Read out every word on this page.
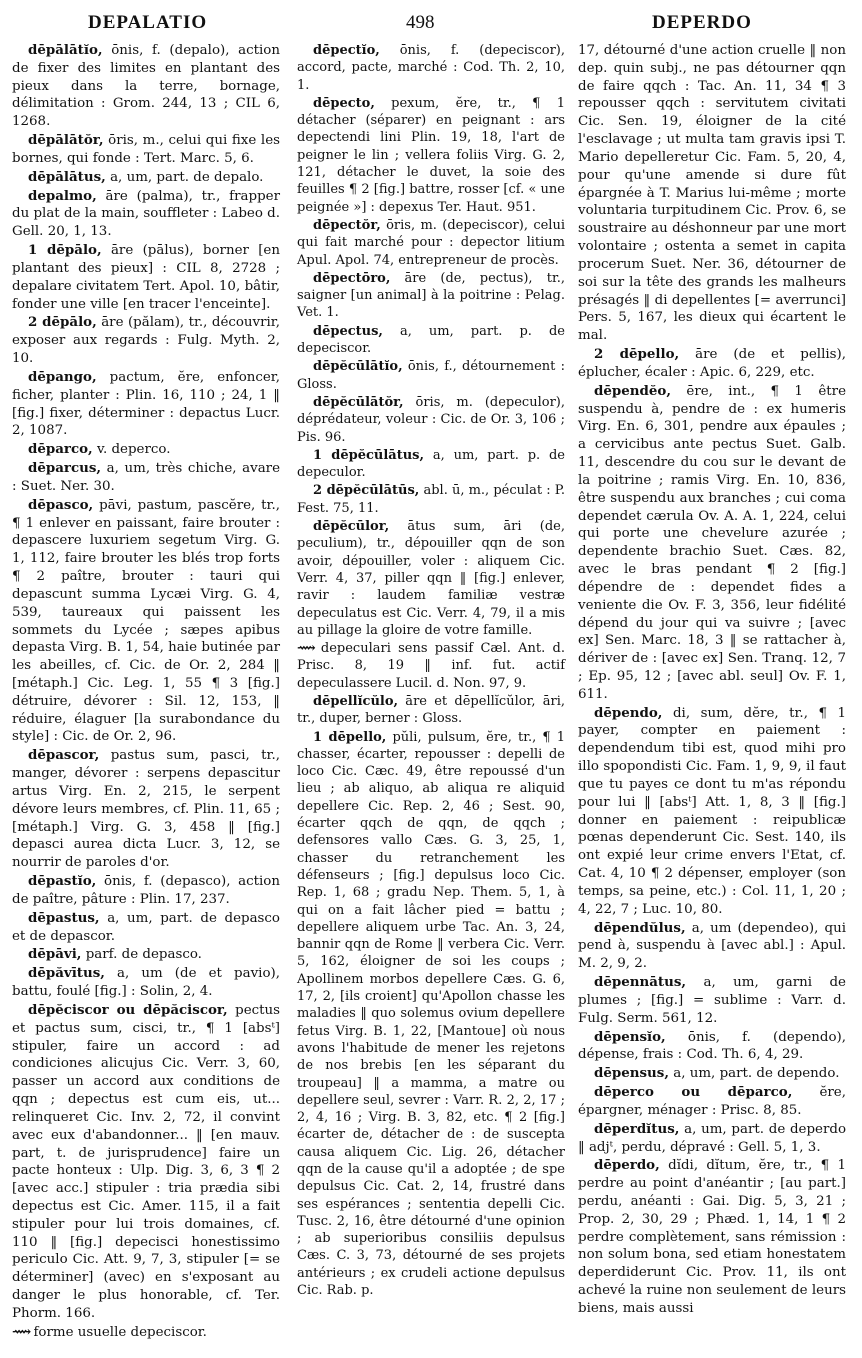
DEPALATIO	498	DEPERDO

dēpālātĭo, ōnis, f. (depalo), action de fixer des limites en plantant des pieux dans la terre, bornage, délimitation : Grom. 244, 13 ; CIL 6, 1268.

dēpālātŏr, ōris, m., celui qui fixe les bornes, qui fonde : Tert. Marc. 5, 6.

dēpālātus, a, um, part. de depalo.

depalmo, āre (palma), tr., frapper du plat de la main, souffleter : Labeo d. Gell. 20, 1, 13.

1 dēpālo, āre (pālus), borner [en plantant des pieux] : CIL 8, 2728 ; depalare civitatem Tert. Apol. 10, bâtir, fonder une ville [en tracer l'enceinte].

2 dēpālo, āre (pălam), tr., découvrir, exposer aux regards : Fulg. Myth. 2, 10.

dēpango, pactum, ĕre, enfoncer, ficher, planter : Plin. 16, 110 ; 24, 1 ‖ [fig.] fixer, déterminer : depactus Lucr. 2, 1087.

dēparco, v. deperco.

dēparcus, a, um, très chiche, avare : Suet. Ner. 30.

dēpasco, pāvi, pastum, pascĕre, tr., ¶ 1 enlever en paissant, faire brouter : depascere luxuriem segetum Virg. G. 1, 112, faire brouter les blés trop forts ¶ 2 paître, brouter : tauri qui depascunt summa Lycæi Virg. G. 4, 539, taureaux qui paissent les sommets du Lycée ; sæpes apibus depasta Virg. B. 1, 54, haie butinée par les abeilles, cf. Cic. de Or. 2, 284 ‖ [métaph.] Cic. Leg. 1, 55 ¶ 3 [fig.] détruire, dévorer : Sil. 12, 153, ‖ réduire, élaguer [la surabondance du style] : Cic. de Or. 2, 96.

dēpascor, pastus sum, pasci, tr., manger, dévorer : serpens depascitur artus Virg. En. 2, 215, le serpent dévore leurs membres, cf. Plin. 11, 65 ; [métaph.] Virg. G. 3, 458 ‖ [fig.] depasci aurea dicta Lucr. 3, 12, se nourrir de paroles d'or.

dēpastĭo, ōnis, f. (depasco), action de paître, pâture : Plin. 17, 237.

dēpastus, a, um, part. de depasco et de depascor.

dēpāvi, parf. de depasco.

dēpăvītus, a, um (de et pavio), battu, foulé [fig.] : Solin, 2, 4.

dēpĕciscor ou dēpăciscor, pectus et pactus sum, cisci, tr., ¶ 1 [absᵗ] stipuler, faire un accord : ad condiciones alicujus Cic. Verr. 3, 60, passer un accord aux conditions de qqn ; depectus est cum eis, ut... relinqueret Cic. Inv. 2, 72, il convint avec eux d'abandonner... ‖ [en mauv. part, t. de jurisprudence] faire un pacte honteux : Ulp. Dig. 3, 6, 3 ¶ 2 [avec acc.] stipuler : tria prædia sibi depectus est Cic. Amer. 115, il a fait stipuler pour lui trois domaines, cf. 110 ‖ [fig.] depecisci honestissimo periculo Cic. Att. 9, 7, 3, stipuler [= se déterminer] (avec) en s'exposant au danger le plus honorable, cf. Ter. Phorm. 166.

⟿ forme usuelle depeciscor.

dēpectĭo, ōnis, f. (depeciscor), accord, pacte, marché : Cod. Th. 2, 10, 1.

dēpecto, pexum, ĕre, tr., ¶ 1 détacher (séparer) en peignant : ars depectendi lini Plin. 19, 18, l'art de peigner le lin ; vellera foliis Virg. G. 2, 121, détacher le duvet, la soie des feuilles ¶ 2 [fig.] battre, rosser [cf. « une peignée »] : depexus Ter. Haut. 951.

dēpectŏr, ōris, m. (depeciscor), celui qui fait marché pour : depector litium Apul. Apol. 74, entrepreneur de procès.

dēpectōro, āre (de, pectus), tr., saigner [un animal] à la poitrine : Pelag. Vet. 1.

dēpectus, a, um, part. p. de depeciscor.

dēpĕcūlātĭo, ōnis, f., détournement : Gloss.

dēpĕcūlātŏr, ōris, m. (depeculor), déprédateur, voleur : Cic. de Or. 3, 106 ; Pis. 96.

1 dēpĕcūlātus, a, um, part. p. de depeculor.

2 dēpĕcūlātūs, abl. ū, m., péculat : P. Fest. 75, 11.

dēpĕcūlor, ātus sum, āri (de, peculium), tr., dépouiller qqn de son avoir, dépouiller, voler : aliquem Cic. Verr. 4, 37, piller qqn ‖ [fig.] enlever, ravir : laudem familiæ vestræ depeculatus est Cic. Verr. 4, 79, il a mis au pillage la gloire de votre famille.

⟿ depeculari sens passif Cæl. Ant. d. Prisc. 8, 19 ‖ inf. fut. actif depeculassere Lucil. d. Non. 97, 9.

dēpellĭcŭlo, āre et dēpellĭcŭlor, āri, tr., duper, berner : Gloss.

1 dēpello, pŭli, pulsum, ĕre, tr., ¶ 1 chasser, écarter, repousser : depelli de loco Cic. Cæc. 49, être repoussé d'un lieu ; ab aliquo, ab aliqua re aliquid depellere Cic. Rep. 2, 46 ; Sest. 90, écarter qqch de qqn, de qqch ; defensores vallo Cæs. G. 3, 25, 1, chasser du retranchement les défenseurs ; [fig.] depulsus loco Cic. Rep. 1, 68 ; gradu Nep. Them. 5, 1, à qui on a fait lâcher pied = battu ; depellere aliquem urbe Tac. An. 3, 24, bannir qqn de Rome ‖ verbera Cic. Verr. 5, 162, éloigner de soi les coups ; Apollinem morbos depellere Cæs. G. 6, 17, 2, [ils croient] qu'Apollon chasse les maladies ‖ quo solemus ovium depellere fetus Virg. B. 1, 22, [Mantoue] où nous avons l'habitude de mener les rejetons de nos brebis [en les séparant du troupeau] ‖ a mamma, a matre ou depellere seul, sevrer : Varr. R. 2, 2, 17 ; 2, 4, 16 ; Virg. B. 3, 82, etc. ¶ 2 [fig.] écarter de, détacher de : de suscepta causa aliquem Cic. Lig. 26, détacher qqn de la cause qu'il a adoptée ; de spe depulsus Cic. Cat. 2, 14, frustré dans ses espérances ; sententia depelli Cic. Tusc. 2, 16, être détourné d'une opinion ; ab superioribus consiliis depulsus Cæs. C. 3, 73, détourné de ses projets antérieurs ; ex crudeli actione depulsus Cic. Rab. p.

17, détourné d'une action cruelle ‖ non dep. quin subj., ne pas détourner qqn de faire qqch : Tac. An. 11, 34 ¶ 3 repousser qqch : servitutem civitati Cic. Sen. 19, éloigner de la cité l'esclavage ; ut multa tam gravis ipsi T. Mario depelleretur Cic. Fam. 5, 20, 4, pour qu'une amende si dure fût épargnée à T. Marius lui-même ; morte voluntaria turpitudinem Cic. Prov. 6, se soustraire au déshonneur par une mort volontaire ; ostenta a semet in capita procerum Suet. Ner. 36, détourner de soi sur la tête des grands les malheurs présagés ‖ di depellentes [= averrunci] Pers. 5, 167, les dieux qui écartent le mal.

2 dēpello, āre (de et pellis), éplucher, écaler : Apic. 6, 229, etc.

dēpendĕo, ēre, int., ¶ 1 être suspendu à, pendre de : ex humeris Virg. En. 6, 301, pendre aux épaules ; a cervicibus ante pectus Suet. Galb. 11, descendre du cou sur le devant de la poitrine ; ramis Virg. En. 10, 836, être suspendu aux branches ; cui coma dependet cærula Ov. A. A. 1, 224, celui qui porte une chevelure azurée ; dependente brachio Suet. Cæs. 82, avec le bras pendant ¶ 2 [fig.] dépendre de : dependet fides a veniente die Ov. F. 3, 356, leur fidélité dépend du jour qui va suivre ; [avec ex] Sen. Marc. 18, 3 ‖ se rattacher à, dériver de : [avec ex] Sen. Tranq. 12, 7 ; Ep. 95, 12 ; [avec abl. seul] Ov. F. 1, 611.

dēpendo, di, sum, dĕre, tr., ¶ 1 payer, compter en paiement : dependendum tibi est, quod mihi pro illo spopondisti Cic. Fam. 1, 9, 9, il faut que tu payes ce dont tu m'as répondu pour lui ‖ [absᵗ] Att. 1, 8, 3 ‖ [fig.] donner en paiement : reipublicæ pœnas dependerunt Cic. Sest. 140, ils ont expié leur crime envers l'Etat, cf. Cat. 4, 10 ¶ 2 dépenser, employer (son temps, sa peine, etc.) : Col. 11, 1, 20 ; 4, 22, 7 ; Luc. 10, 80.

dēpendŭlus, a, um (dependeo), qui pend à, suspendu à [avec abl.] : Apul. M. 2, 9, 2.

dēpennātus, a, um, garni de plumes ; [fig.] = sublime : Varr. d. Fulg. Serm. 561, 12.

dēpensĭo, ōnis, f. (dependo), dépense, frais : Cod. Th. 6, 4, 29.

dēpensus, a, um, part. de dependo.

dēperco ou dēparco, ĕre, épargner, ménager : Prisc. 8, 85.

dēperdĭtus, a, um, part. de deperdo ‖ adjᵗ, perdu, dépravé : Gell. 5, 1, 3.

dēperdo, dĭdi, dĭtum, ĕre, tr., ¶ 1 perdre au point d'anéantir ; [au part.] perdu, anéanti : Gai. Dig. 5, 3, 21 ; Prop. 2, 30, 29 ; Phæd. 1, 14, 1 ¶ 2 perdre complètement, sans rémission : non solum bona, sed etiam honestatem deperdiderunt Cic. Prov. 11, ils ont achevé la ruine non seulement de leurs biens, mais aussi
